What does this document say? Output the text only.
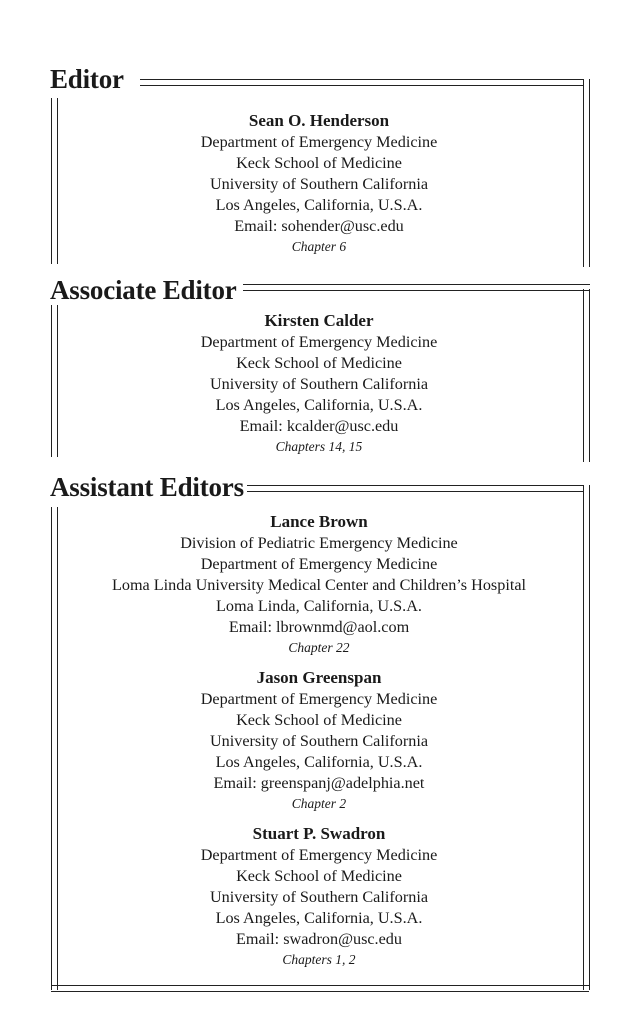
Editor
Sean O. Henderson
Department of Emergency Medicine
Keck School of Medicine
University of Southern California
Los Angeles, California, U.S.A.
Email: sohender@usc.edu
Chapter 6
Associate Editor
Kirsten Calder
Department of Emergency Medicine
Keck School of Medicine
University of Southern California
Los Angeles, California, U.S.A.
Email: kcalder@usc.edu
Chapters 14, 15
Assistant Editors
Lance Brown
Division of Pediatric Emergency Medicine
Department of Emergency Medicine
Loma Linda University Medical Center and Children’s Hospital
Loma Linda, California, U.S.A.
Email: lbrownmd@aol.com
Chapter 22
Jason Greenspan
Department of Emergency Medicine
Keck School of Medicine
University of Southern California
Los Angeles, California, U.S.A.
Email: greenspanj@adelphia.net
Chapter 2
Stuart P. Swadron
Department of Emergency Medicine
Keck School of Medicine
University of Southern California
Los Angeles, California, U.S.A.
Email: swadron@usc.edu
Chapters 1, 2
